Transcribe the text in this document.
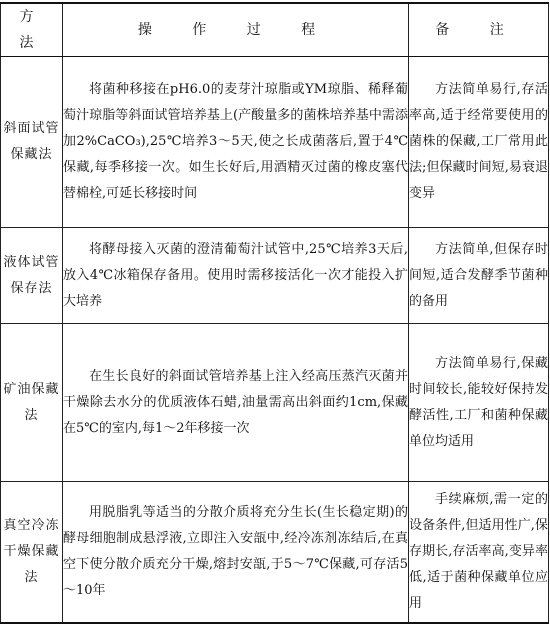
方 法	操 作 过 程	备 注
斜面试管保藏法	将菌种移接在pH6.0的麦芽汁琼脂或YM琼脂、稀释葡萄汁琼脂等斜面试管培养基上(产酸量多的菌株培养基中需添加2%CaCO₃),25℃培养3～5天,使之长成菌落后,置于4℃保藏,每季移接一次。如生长好后,用酒精灭过菌的橡皮塞代替棉栓,可延长移接时间	方法简单易行,存活率高,适于经常要使用的菌株的保藏,工厂常用此法;但保藏时间短,易衰退变异

液体试管保存法	将酵母接入灭菌的澄清葡萄汁试管中,25℃培养3天后,放入4℃冰箱保存备用。使用时需移接活化一次才能投入扩大培养	方法简单,但保存时间短,适合发酵季节菌种的备用

矿油保藏法	在生长良好的斜面试管培养基上注入经高压蒸汽灭菌并干燥除去水分的优质液体石蜡,油量需高出斜面约1cm,保藏在5℃的室内,每1～2年移接一次	方法简单易行,保藏时间较长,能较好保持发酵活性,工厂和菌种保藏单位均适用

真空冷冻干燥保藏法	用脱脂乳等适当的分散介质将充分生长(生长稳定期)的酵母细胞制成悬浮液,立即注入安瓿中,经冷冻剂冻结后,在真空下使分散介质充分干燥,熔封安瓿,于5～7℃保藏,可存活5～10年	手续麻烦,需一定的设备条件,但适用性广,保存期长,存活率高,变异率低,适于菌种保藏单位应用
